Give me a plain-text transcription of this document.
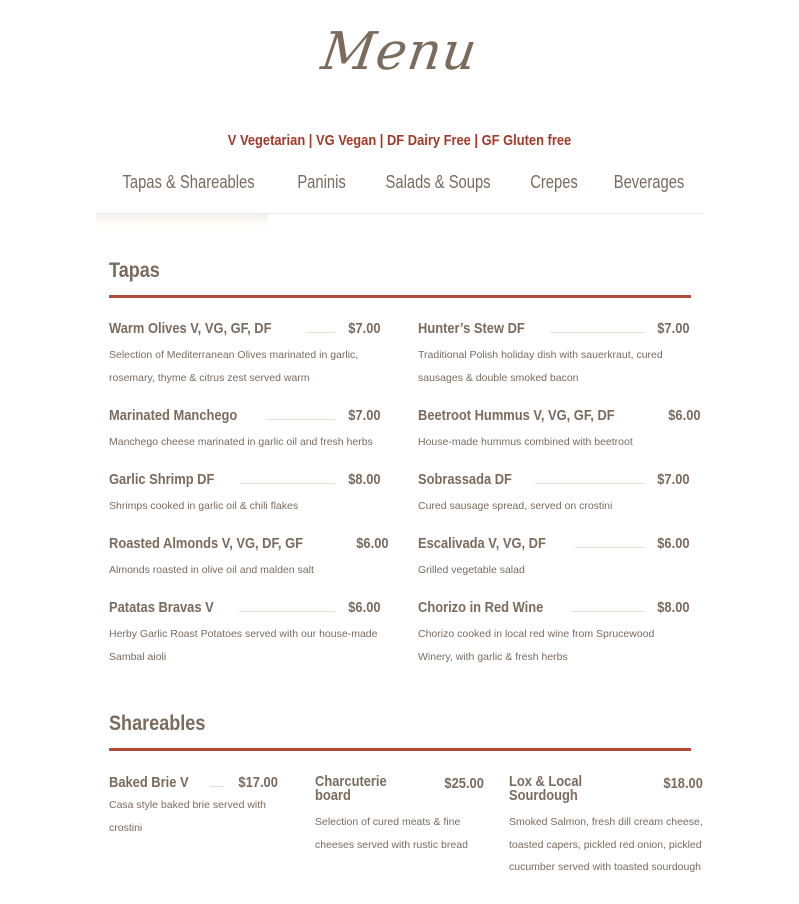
Menu
V Vegetarian | VG Vegan | DF Dairy Free | GF Gluten free
Tapas & Shareables Paninis Salads & Soups Crepes Beverages
Tapas
Warm Olives V, VG, GF, DF	$7.00
Selection of Mediterranean Olives marinated in garlic, rosemary, thyme & citrus zest served warm
Hunter’s Stew DF	$7.00
Traditional Polish holiday dish with sauerkraut, cured sausages & double smoked bacon
Marinated Manchego	$7.00
Manchego cheese marinated in garlic oil and fresh herbs
Beetroot Hummus V, VG, GF, DF	$6.00
House-made hummus combined with beetroot
Garlic Shrimp DF	$8.00
Shrimps cooked in garlic oil & chili flakes
Sobrassada DF	$7.00
Cured sausage spread, served on crostini
Roasted Almonds V, VG, DF, GF	$6.00
Almonds roasted in olive oil and malden salt
Escalivada V, VG, DF	$6.00
Grilled vegetable salad
Patatas Bravas V	$6.00
Herby Garlic Roast Potatoes served with our house-made Sambal aioli
Chorizo in Red Wine	$8.00
Chorizo cooked in local red wine from Sprucewood Winery, with garlic & fresh herbs
Shareables
Baked Brie V	$17.00
Casa style baked brie served with crostini
Charcuterie board
$25.00
Selection of cured meats & fine cheeses served with rustic bread
Lox & Local Sourdough
$18.00
Smoked Salmon, fresh dill cream cheese, toasted capers, pickled red onion, pickled cucumber served with toasted sourdough
